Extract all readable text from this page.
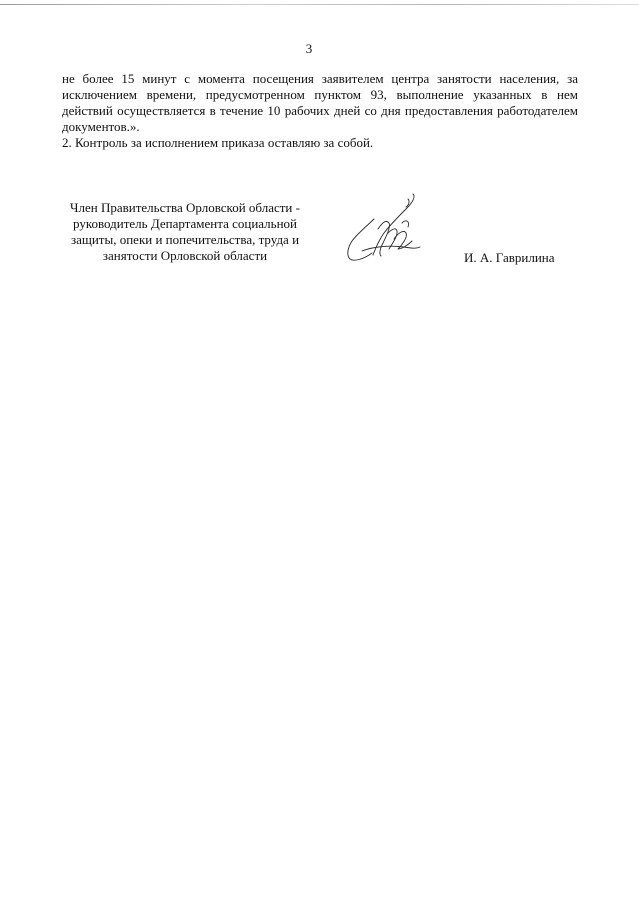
3

не более 15 минут с момента посещения заявителем центра занятости населения, за исключением времени, предусмотренном пунктом 93, выполнение указанных в нем действий осуществляется в течение 10 рабочих дней со дня предоставления работодателем документов.».

2. Контроль за исполнением приказа оставляю за собой.

Член Правительства Орловской области -
руководитель Департамента социальной
защиты, опеки и попечительства, труда и
занятости Орловской области	И. А. Гаврилина
